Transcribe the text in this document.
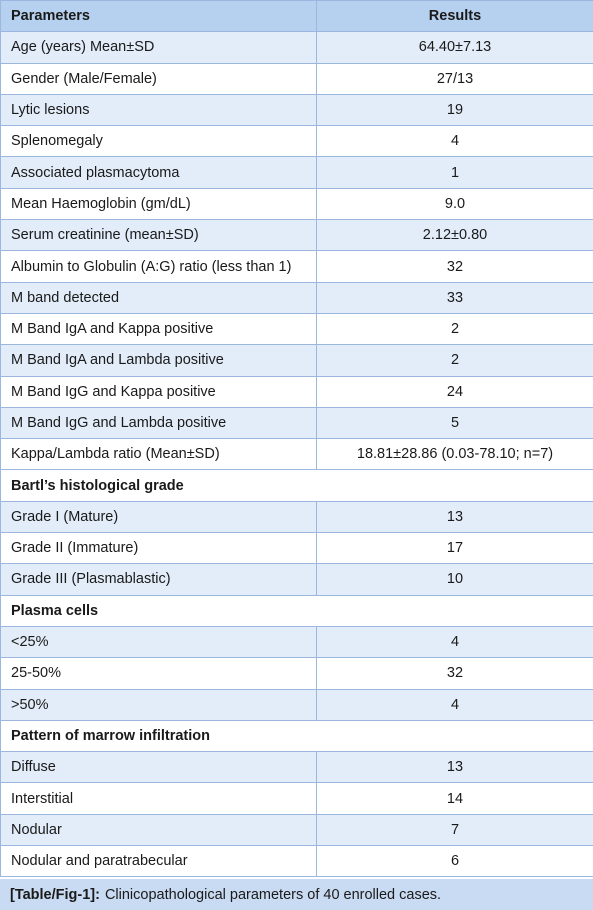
Parameters	Results
Age (years) Mean±SD	64.40±7.13
Gender (Male/Female)	27/13
Lytic lesions	19
Splenomegaly	4
Associated plasmacytoma	1
Mean Haemoglobin (gm/dL)	9.0
Serum creatinine (mean±SD)	2.12±0.80
Albumin to Globulin (A:G) ratio (less than 1)	32
M band detected	33
M Band IgA and Kappa positive	2
M Band IgA and Lambda positive	2
M Band IgG and Kappa positive	24
M Band IgG and Lambda positive	5
Kappa/Lambda ratio (Mean±SD)	18.81±28.86 (0.03-78.10; n=7)
Bartl’s histological grade	
Grade I (Mature)	13
Grade II (Immature)	17
Grade III (Plasmablastic)	10
Plasma cells	
<25%	4
25-50%	32
>50%	4
Pattern of marrow infiltration	
Diffuse	13
Interstitial	14
Nodular	7
Nodular and paratrabecular	6
[Table/Fig-1]: Clinicopathological parameters of 40 enrolled cases.
